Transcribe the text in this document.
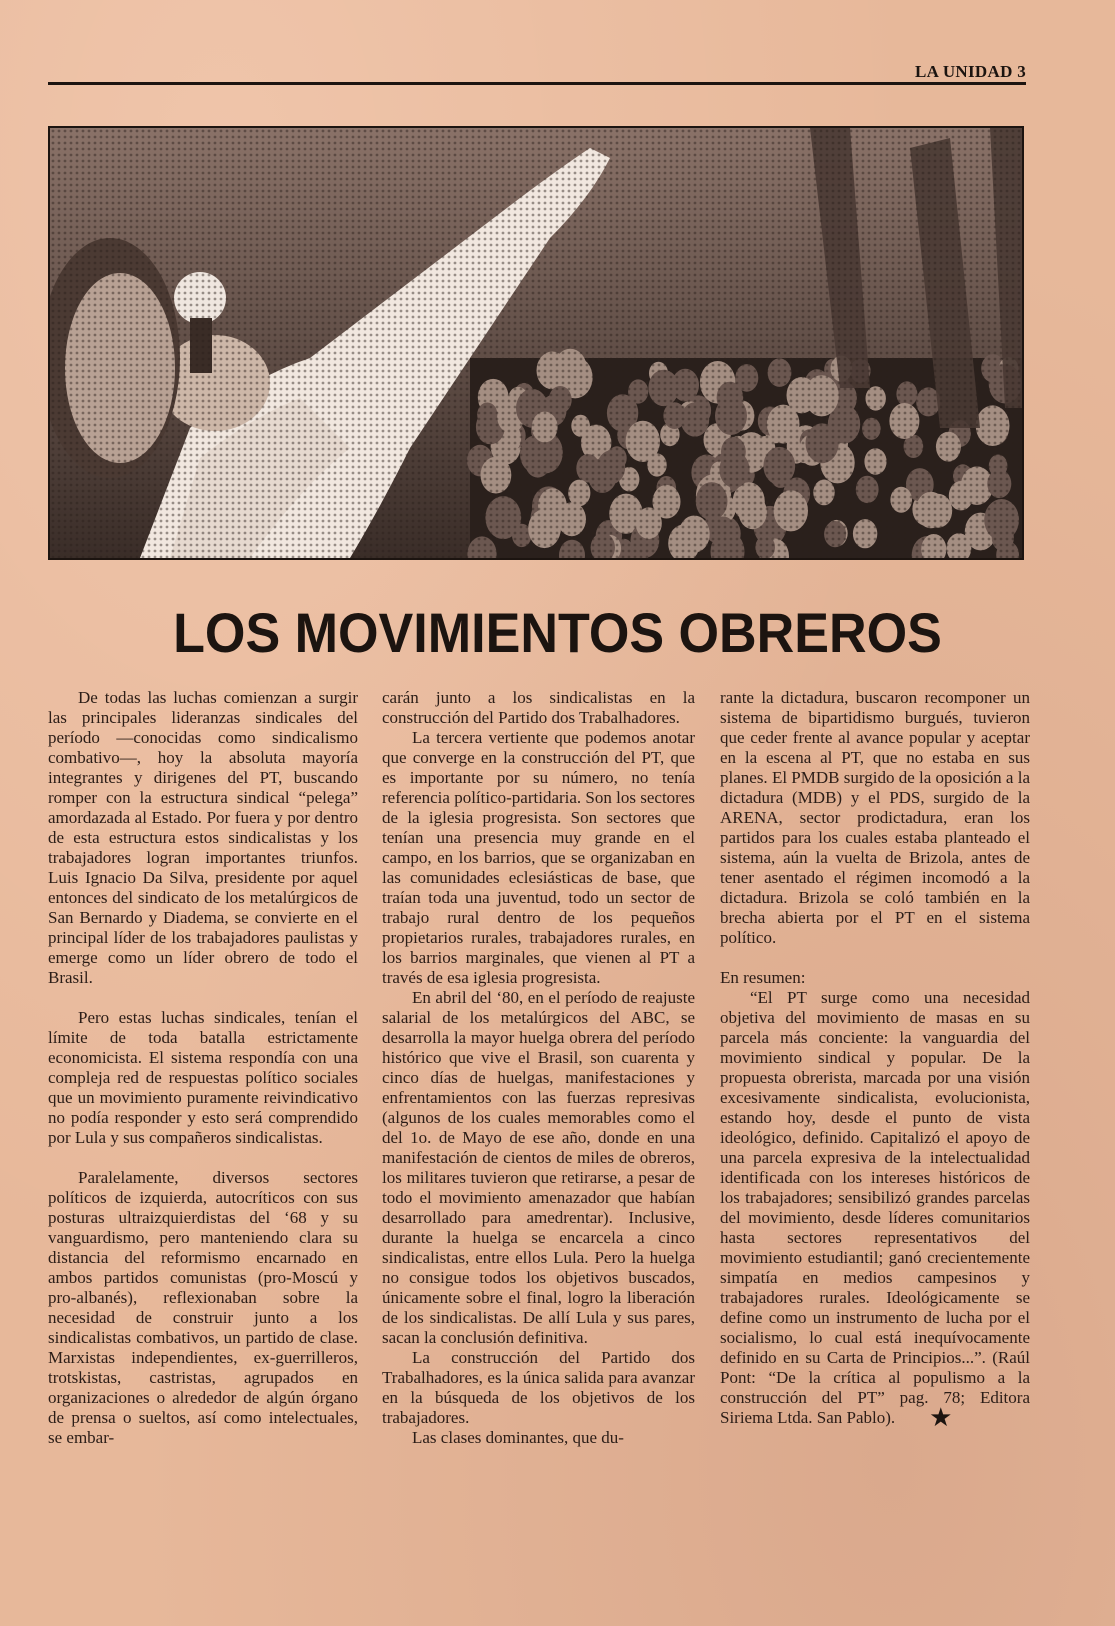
LA UNIDAD 3
LOS MOVIMIENTOS OBREROS

De todas las luchas comienzan a surgir las principales lideranzas sindicales del período —conocidas como sindicalismo combativo—, hoy la absoluta mayoría integrantes y dirigenes del PT, buscando romper con la estructura sindical “pelega” amordazada al Estado. Por fuera y por dentro de esta estructura estos sindicalistas y los trabajadores logran importantes triunfos. Luis Ignacio Da Silva, presidente por aquel entonces del sindicato de los metalúrgicos de San Bernardo y Diadema, se convierte en el principal líder de los trabajadores paulistas y emerge como un líder obrero de todo el Brasil.

Pero estas luchas sindicales, tenían el límite de toda batalla estrictamente economicista. El sistema respondía con una compleja red de respuestas político sociales que un movimiento puramente reivindicativo no podía responder y esto será comprendido por Lula y sus compañeros sindicalistas.

Paralelamente, diversos sectores políticos de izquierda, autocríticos con sus posturas ultraizquierdistas del ‘68 y su vanguardismo, pero manteniendo clara su distancia del reformismo encarnado en ambos partidos comunistas (pro-Moscú y pro-albanés), reflexionaban sobre la necesidad de construir junto a los sindicalistas combativos, un partido de clase. Marxistas independientes, ex-guerrilleros, trotskistas, castristas, agrupados en organizaciones o alrededor de algún órgano de prensa o sueltos, así como intelectuales, se embar-

carán junto a los sindicalistas en la construcción del Partido dos Trabalhadores.

La tercera vertiente que podemos anotar que converge en la construcción del PT, que es importante por su número, no tenía referencia político-partidaria. Son los sectores de la iglesia progresista. Son sectores que tenían una presencia muy grande en el campo, en los barrios, que se organizaban en las comunidades eclesiásticas de base, que traían toda una juventud, todo un sector de trabajo rural dentro de los pequeños propietarios rurales, trabajadores rurales, en los barrios marginales, que vienen al PT a través de esa iglesia progresista.

En abril del ‘80, en el período de reajuste salarial de los metalúrgicos del ABC, se desarrolla la mayor huelga obrera del período histórico que vive el Brasil, son cuarenta y cinco días de huelgas, manifestaciones y enfrentamientos con las fuerzas represivas (algunos de los cuales memorables como el del 1o. de Mayo de ese año, donde en una manifestación de cientos de miles de obreros, los militares tuvieron que retirarse, a pesar de todo el movimiento amenazador que habían desarrollado para amedrentar). Inclusive, durante la huelga se encarcela a cinco sindicalistas, entre ellos Lula. Pero la huelga no consigue todos los objetivos buscados, únicamente sobre el final, logro la liberación de los sindicalistas. De allí Lula y sus pares, sacan la conclusión definitiva.

La construcción del Partido dos Trabalhadores, es la única salida para avanzar en la búsqueda de los objetivos de los trabajadores.

Las clases dominantes, que du-

rante la dictadura, buscaron recomponer un sistema de bipartidismo burgués, tuvieron que ceder frente al avance popular y aceptar en la escena al PT, que no estaba en sus planes. El PMDB surgido de la oposición a la dictadura (MDB) y el PDS, surgido de la ARENA, sector prodictadura, eran los partidos para los cuales estaba planteado el sistema, aún la vuelta de Brizola, antes de tener asentado el régimen incomodó a la dictadura. Brizola se coló también en la brecha abierta por el PT en el sistema político.

En resumen:

“El PT surge como una necesidad objetiva del movimiento de masas en su parcela más conciente: la vanguardia del movimiento sindical y popular. De la propuesta obrerista, marcada por una visión excesivamente sindicalista, evolucionista, estando hoy, desde el punto de vista ideológico, definido. Capitalizó el apoyo de una parcela expresiva de la intelectualidad identificada con los intereses históricos de los trabajadores; sensibilizó grandes parcelas del movimiento, desde líderes comunitarios hasta sectores representativos del movimiento estudiantil; ganó crecientemente simpatía en medios campesinos y trabajadores rurales. Ideológicamente se define como un instrumento de lucha por el socialismo, lo cual está inequívocamente definido en su Carta de Principios...”. (Raúl Pont: “De la crítica al populismo a la construcción del PT” pag. 78; Editora Siriema Ltda. San Pablo). ★
